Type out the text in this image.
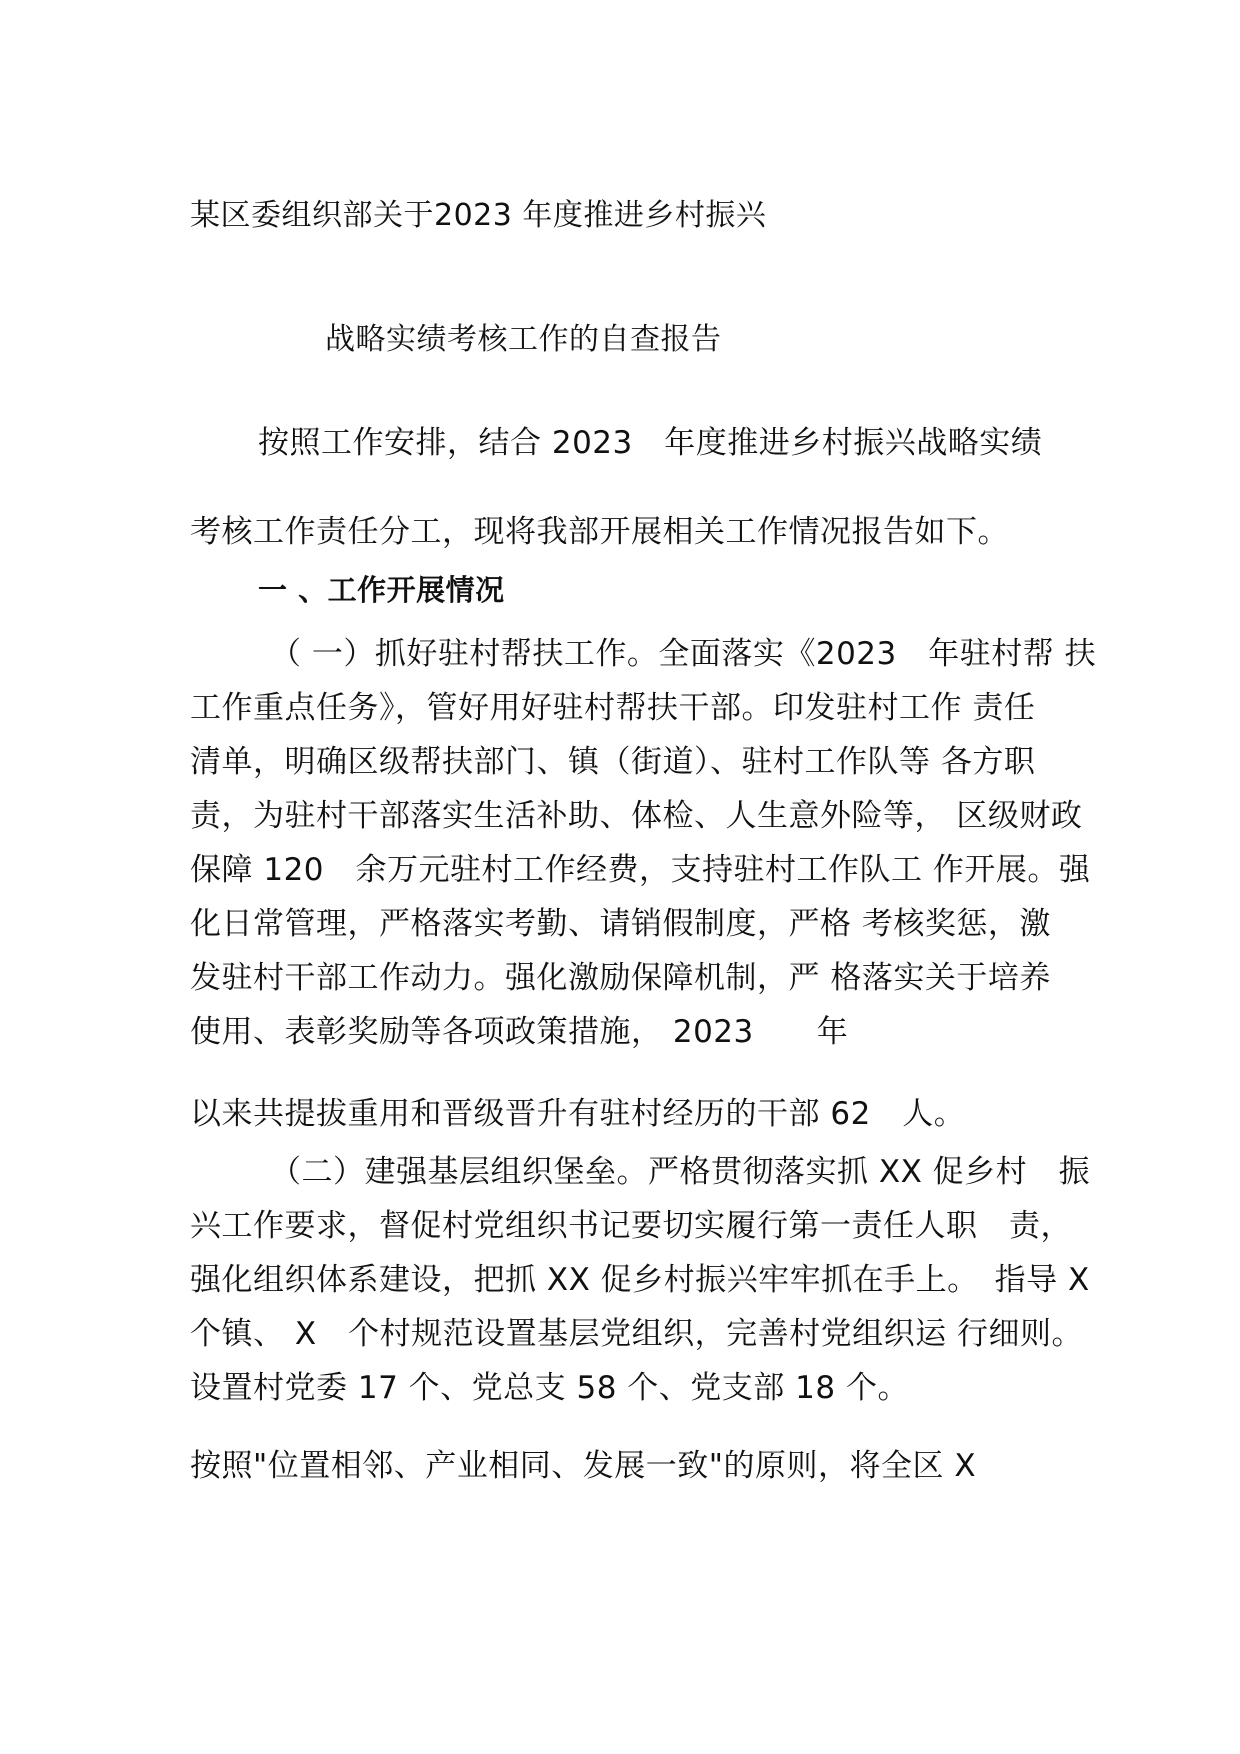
某区委组织部关于2023 年度推进乡村振兴
战略实绩考核工作的自查报告
按照工作安排，结合 2023　年度推进乡村振兴战略实绩
考核工作责任分工，现将我部开展相关工作情况报告如下。
一 、工作开展情况
（ 一）抓好驻村帮扶工作。全面落实《2023　年驻村帮 扶
工作重点任务》，管好用好驻村帮扶干部。印发驻村工作 责任
清单，明确区级帮扶部门、镇（街道）、驻村工作队等 各方职
责，为驻村干部落实生活补助、体检、人生意外险等， 区级财政
保障 120　余万元驻村工作经费，支持驻村工作队工 作开展。强
化日常管理，严格落实考勤、请销假制度，严格 考核奖惩，激
发驻村干部工作动力。强化激励保障机制，严 格落实关于培养
使用、表彰奖励等各项政策措施， 2023　　年
以来共提拔重用和晋级晋升有驻村经历的干部 62　人。
（二）建强基层组织堡垒。严格贯彻落实抓 XX 促乡村　振
兴工作要求，督促村党组织书记要切实履行第一责任人职　责，
强化组织体系建设，把抓 XX 促乡村振兴牢牢抓在手上。　指导 X
个镇、 X　个村规范设置基层党组织，完善村党组织运 行细则。
设置村党委 17 个、党总支 58 个、党支部 18 个。
按照"位置相邻、产业相同、发展一致"的原则，将全区 X
